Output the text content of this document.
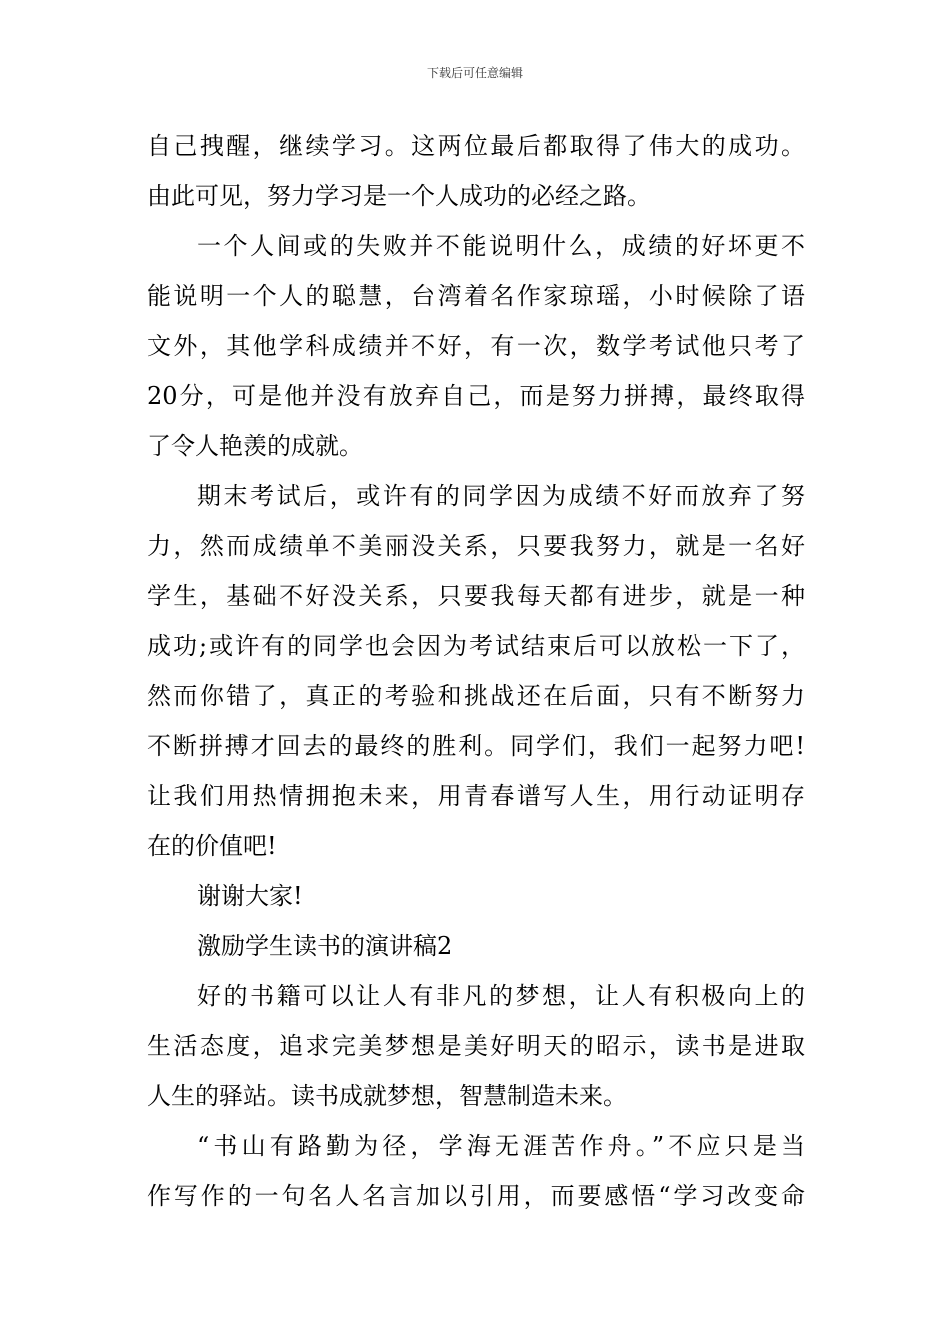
下载后可任意编辑
自己拽醒，继续学习。这两位最后都取得了伟大的成功。
由此可见，努力学习是一个人成功的必经之路。
一个人间或的失败并不能说明什么，成绩的好坏更不
能说明一个人的聪慧，台湾着名作家琼瑶，小时候除了语
文外，其他学科成绩并不好，有一次，数学考试他只考了
20分，可是他并没有放弃自己，而是努力拼搏，最终取得
了令人艳羡的成就。
期末考试后，或许有的同学因为成绩不好而放弃了努
力，然而成绩单不美丽没关系，只要我努力，就是一名好
学生，基础不好没关系，只要我每天都有进步，就是一种
成功;或许有的同学也会因为考试结束后可以放松一下了，
然而你错了，真正的考验和挑战还在后面，只有不断努力
不断拼搏才回去的最终的胜利。同学们，我们一起努力吧!
让我们用热情拥抱未来，用青春谱写人生，用行动证明存
在的价值吧!
谢谢大家!
激励学生读书的演讲稿2
好的书籍可以让人有非凡的梦想，让人有积极向上的
生活态度，追求完美梦想是美好明天的昭示，读书是进取
人生的驿站。读书成就梦想，智慧制造未来。
“书山有路勤为径，学海无涯苦作舟。”不应只是当
作写作的一句名人名言加以引用，而要感悟“学习改变命
